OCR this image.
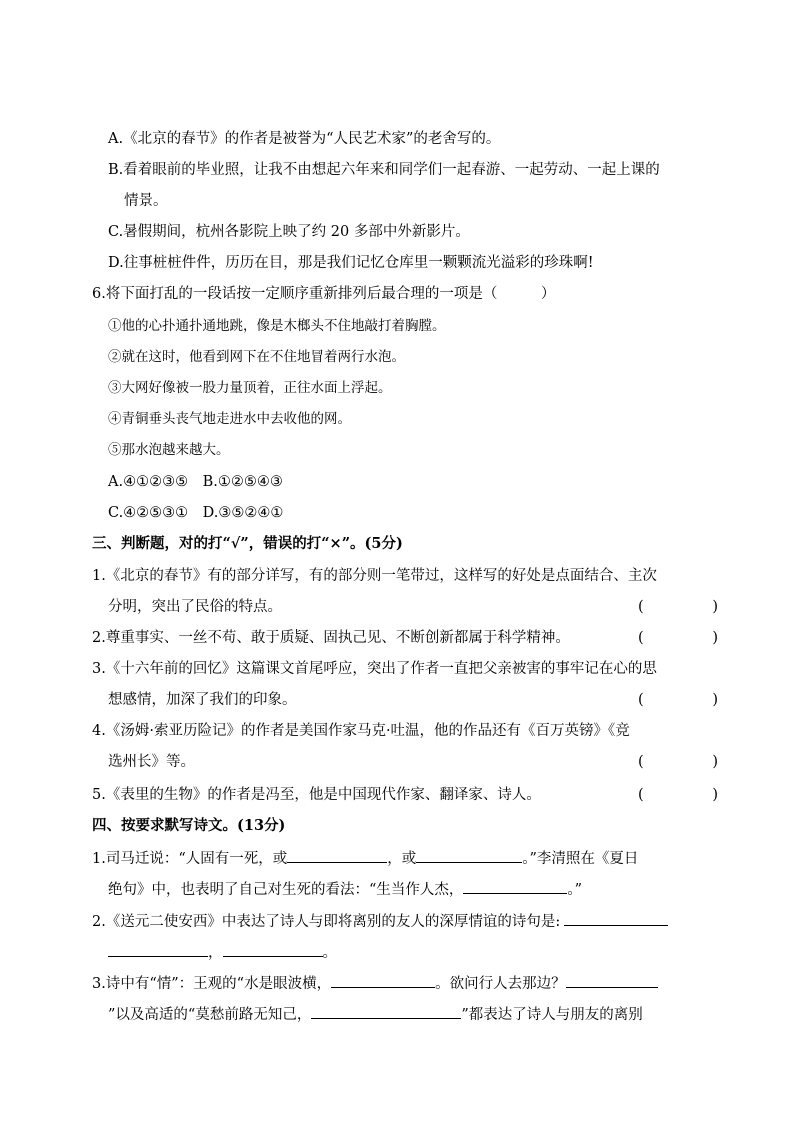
A.《北京的春节》的作者是被誉为“人民艺术家”的老舍写的。
B.看着眼前的毕业照，让我不由想起六年来和同学们一起春游、一起劳动、一起上课的
情景。
C.暑假期间，杭州各影院上映了约 20 多部中外新影片。
D.往事桩桩件件，历历在目，那是我们记忆仓库里一颗颗流光溢彩的珍珠啊!
6.将下面打乱的一段话按一定顺序重新排列后最合理的一项是（　　　）
①他的心扑通扑通地跳，像是木榔头不住地敲打着胸膛。
②就在这时，他看到网下在不住地冒着两行水泡。
③大网好像被一股力量顶着，正往水面上浮起。
④青铜垂头丧气地走进水中去收他的网。
⑤那水泡越来越大。
A.④①②③⑤　B.①②⑤④③
C.④②⑤③①　D.③⑤②④①
三、判断题，对的打“√”，错误的打“×”。(5分)
1.《北京的春节》有的部分详写，有的部分则一笔带过，这样写的好处是点面结合、主次
分明，突出了民俗的特点。	(	)
2.尊重事实、一丝不苟、敢于质疑、固执己见、不断创新都属于科学精神。	(	)
3.《十六年前的回忆》这篇课文首尾呼应，突出了作者一直把父亲被害的事牢记在心的思
想感情，加深了我们的印象。	(	)
4.《汤姆·索亚历险记》的作者是美国作家马克·吐温，他的作品还有《百万英镑》《竞
选州长》等。	(	)
5.《表里的生物》的作者是冯至，他是中国现代作家、翻译家、诗人。	(	)
四、按要求默写诗文。(13分)
1.司马迁说：“人固有一死，或	，或	。”李清照在《夏日
绝句》中，也表明了自己对生死的看法：“生当作人杰，	。”
2.《送元二使安西》中表达了诗人与即将离别的友人的深厚情谊的诗句是:
，	。
3.诗中有“情”：王观的“水是眼波横，	。欲问行人去那边？
”以及高适的“莫愁前路无知己，	”都表达了诗人与朋友的离别
